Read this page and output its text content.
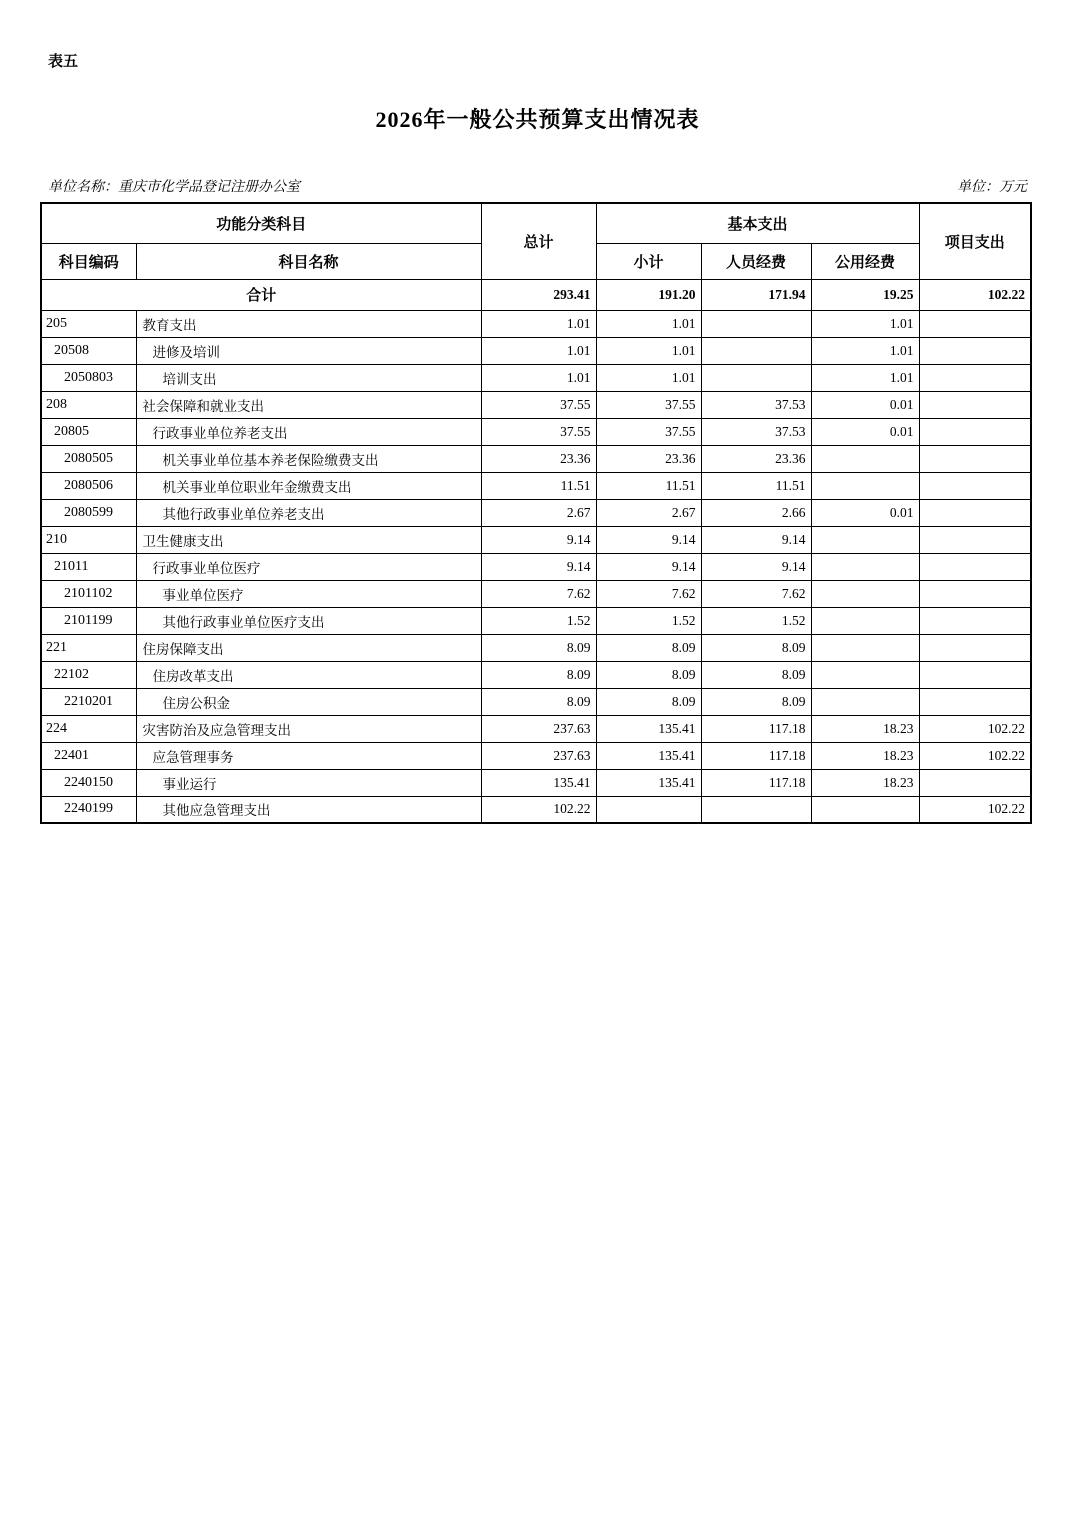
表五
2026年一般公共预算支出情况表
单位名称：重庆市化学品登记注册办公室	单位：万元
功能分类科目		总计	基本支出			项目支出
科目编码	科目名称		小计	人员经费	公用经费	
合计		293.41	191.20	171.94	19.25	102.22
205	教育支出	1.01	1.01		1.01	
20508	进修及培训	1.01	1.01		1.01	
2050803	培训支出	1.01	1.01		1.01	
208	社会保障和就业支出	37.55	37.55	37.53	0.01	
20805	行政事业单位养老支出	37.55	37.55	37.53	0.01	
2080505	机关事业单位基本养老保险缴费支出	23.36	23.36	23.36		
2080506	机关事业单位职业年金缴费支出	11.51	11.51	11.51		
2080599	其他行政事业单位养老支出	2.67	2.67	2.66	0.01	
210	卫生健康支出	9.14	9.14	9.14		
21011	行政事业单位医疗	9.14	9.14	9.14		
2101102	事业单位医疗	7.62	7.62	7.62		
2101199	其他行政事业单位医疗支出	1.52	1.52	1.52		
221	住房保障支出	8.09	8.09	8.09		
22102	住房改革支出	8.09	8.09	8.09		
2210201	住房公积金	8.09	8.09	8.09		
224	灾害防治及应急管理支出	237.63	135.41	117.18	18.23	102.22
22401	应急管理事务	237.63	135.41	117.18	18.23	102.22
2240150	事业运行	135.41	135.41	117.18	18.23	
2240199	其他应急管理支出	102.22				102.22
